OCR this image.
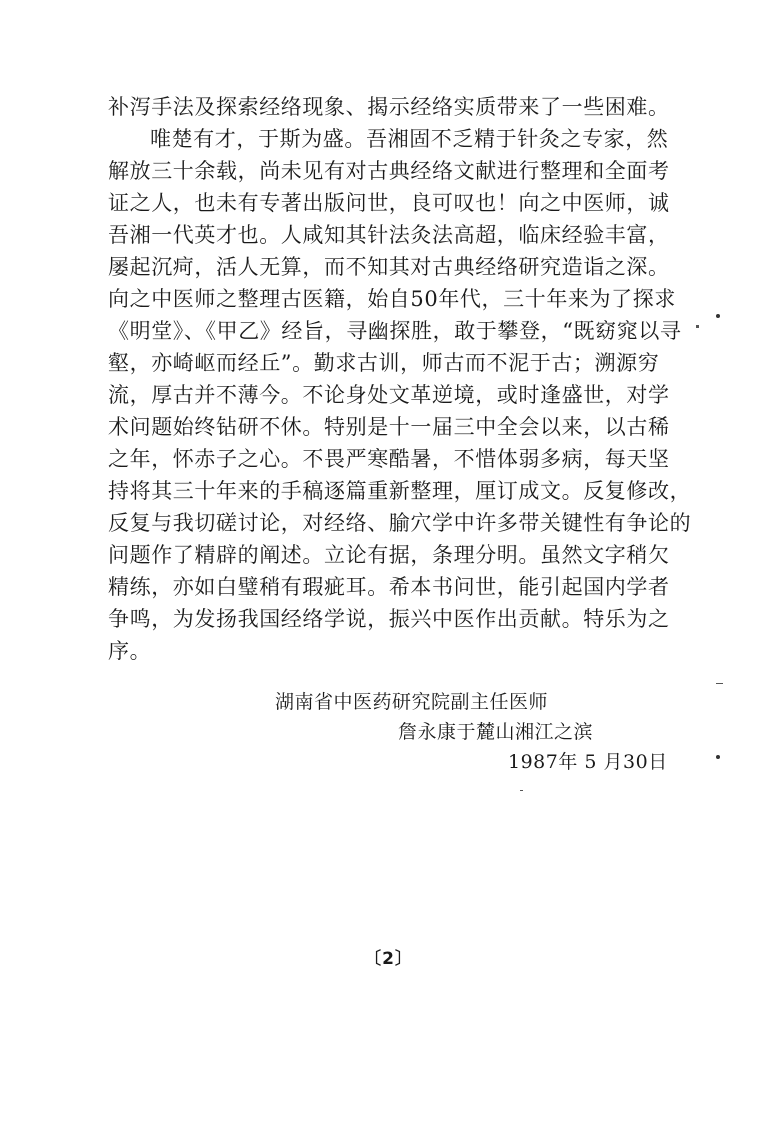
补泻手法及探索经络现象、揭示经络实质带来了一些困难。
唯楚有才，于斯为盛。吾湘固不乏精于针灸之专家，然
解放三十余载，尚未见有对古典经络文献进行整理和全面考
证之人，也未有专著出版问世，良可叹也！向之中医师，诚
吾湘一代英才也。人咸知其针法灸法高超，临床经验丰富，
屡起沉疴，活人无算，而不知其对古典经络研究造诣之深。
向之中医师之整理古医籍，始自50年代，三十年来为了探求
《明堂》、《甲乙》经旨，寻幽探胜，敢于攀登，“既窈窕以寻
壑，亦崎岖而经丘”。勤求古训，师古而不泥于古；溯源穷
流，厚古并不薄今。不论身处文革逆境，或时逢盛世，对学
术问题始终钻研不休。特别是十一届三中全会以来，以古稀
之年，怀赤子之心。不畏严寒酷暑，不惜体弱多病，每天坚
持将其三十年来的手稿逐篇重新整理，厘订成文。反复修改，
反复与我切磋讨论，对经络、腧穴学中许多带关键性有争论的
问题作了精辟的阐述。立论有据，条理分明。虽然文字稍欠
精练，亦如白璧稍有瑕疵耳。希本书问世，能引起国内学者
争鸣，为发扬我国经络学说，振兴中医作出贡献。特乐为之
序。
湖南省中医药研究院副主任医师
詹永康于麓山湘江之滨
1987年 5 月30日
〔2〕
